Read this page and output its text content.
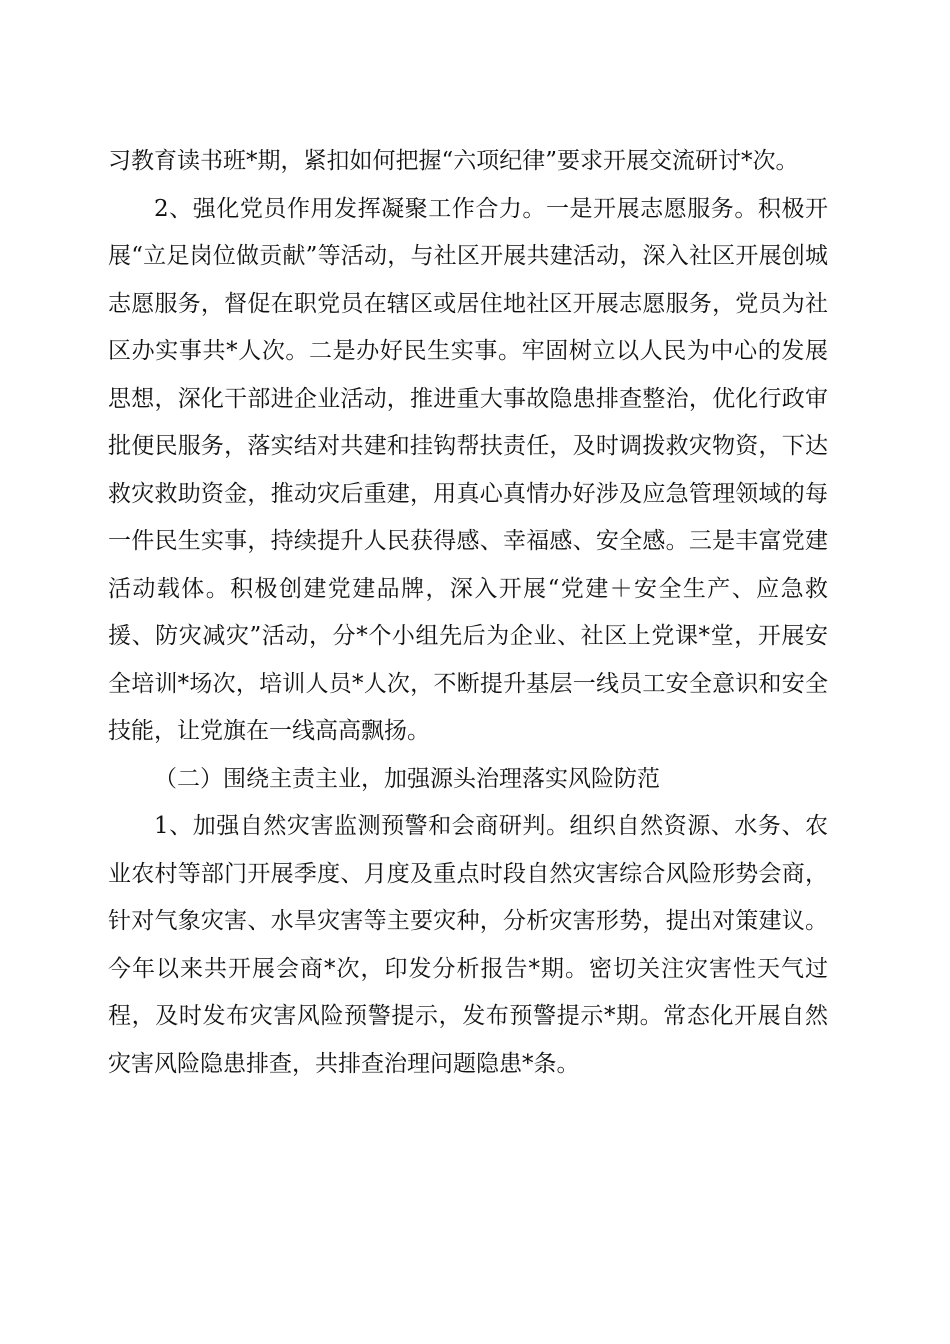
习教育读书班*期，紧扣如何把握“六项纪律”要求开展交流研讨*次。

2、强化党员作用发挥凝聚工作合力。一是开展志愿服务。积极开展“立足岗位做贡献”等活动，与社区开展共建活动，深入社区开展创城志愿服务，督促在职党员在辖区或居住地社区开展志愿服务，党员为社区办实事共*人次。二是办好民生实事。牢固树立以人民为中心的发展思想，深化干部进企业活动，推进重大事故隐患排查整治，优化行政审批便民服务，落实结对共建和挂钩帮扶责任，及时调拨救灾物资，下达救灾救助资金，推动灾后重建，用真心真情办好涉及应急管理领域的每一件民生实事，持续提升人民获得感、幸福感、安全感。三是丰富党建活动载体。积极创建党建品牌，深入开展“党建＋安全生产、应急救援、防灾减灾”活动，分*个小组先后为企业、社区上党课*堂，开展安全培训*场次，培训人员*人次，不断提升基层一线员工安全意识和安全技能，让党旗在一线高高飘扬。

（二）围绕主责主业，加强源头治理落实风险防范

1、加强自然灾害监测预警和会商研判。组织自然资源、水务、农业农村等部门开展季度、月度及重点时段自然灾害综合风险形势会商，针对气象灾害、水旱灾害等主要灾种，分析灾害形势，提出对策建议。今年以来共开展会商*次，印发分析报告*期。密切关注灾害性天气过程，及时发布灾害风险预警提示，发布预警提示*期。常态化开展自然灾害风险隐患排查，共排查治理问题隐患*条。
